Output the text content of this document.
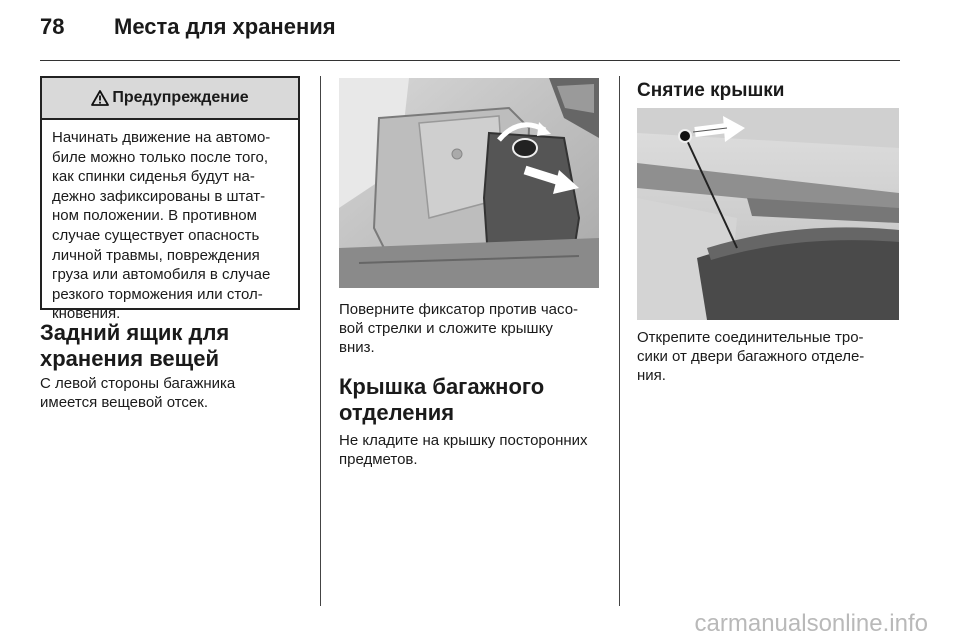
78 Места для хранения
Предупреждение
Начинать движение на автомо-
биле можно только после того,
как спинки сиденья будут на-
дежно зафиксированы в штат-
ном положении. В противном
случае существует опасность
личной травмы, повреждения
груза или автомобиля в случае
резкого торможения или стол-
кновения.
Задний ящик для
хранения вещей

С левой стороны багажника
имеется вещевой отсек.

Поверните фиксатор против часо-
вой стрелки и сложите крышку
вниз.

Крышка багажного
отделения

Не кладите на крышку посторонних
предметов.

Снятие крышки

Открепите соединительные тро-
сики от двери багажного отделе-
ния.

carmanualsonline.info
